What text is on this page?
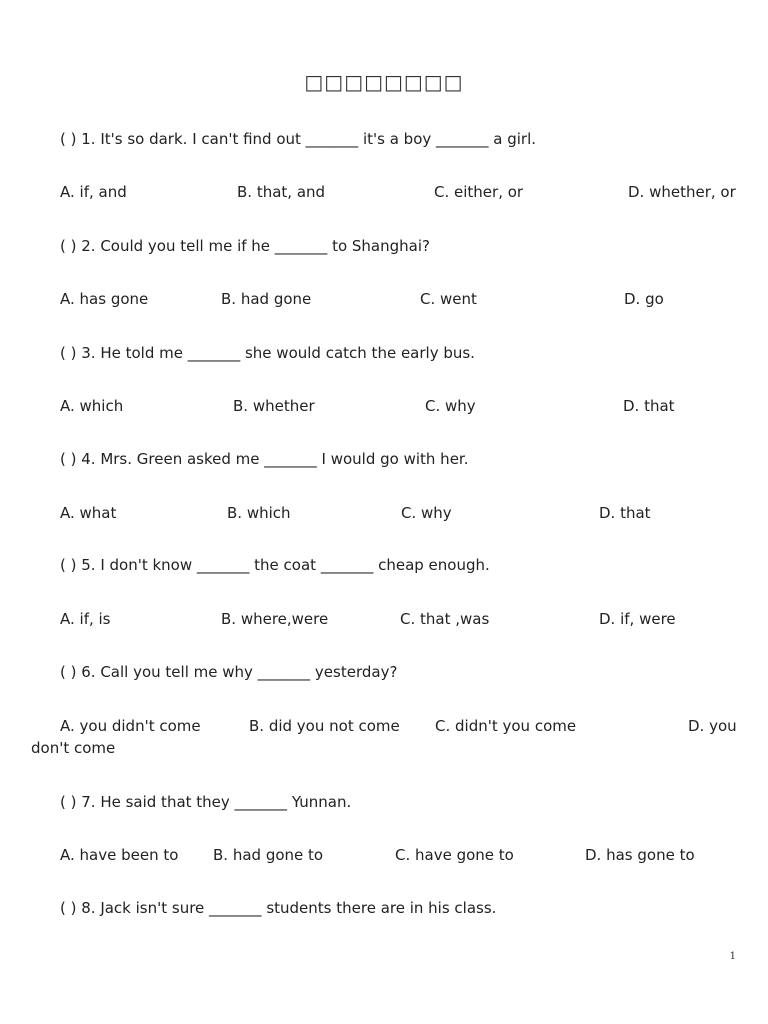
□□□□□□□□
( ) 1. It's so dark. I can't find out _______ it's a boy _______ a girl.
A. if, and	B. that, and	C. either, or	D. whether, or
( ) 2. Could you tell me if he _______ to Shanghai?
A. has gone	B. had gone	C. went	D. go
( ) 3. He told me _______ she would catch the early bus.
A. which	B. whether	C. why	D. that
( ) 4. Mrs. Green asked me _______ I would go with her.
A. what	B. which	C. why	D. that
( ) 5. I don't know _______ the coat _______ cheap enough.
A. if, is	B. where,were	C. that ,was	D. if, were
( ) 6. Call you tell me why _______ yesterday?
A. you didn't come	B. did you not come C. didn't you come	D. you
don't come
( ) 7. He said that they _______ Yunnan.
A. have been to B. had gone to	C. have gone to	D. has gone to
( ) 8. Jack isn't sure _______ students there are in his class.
1
